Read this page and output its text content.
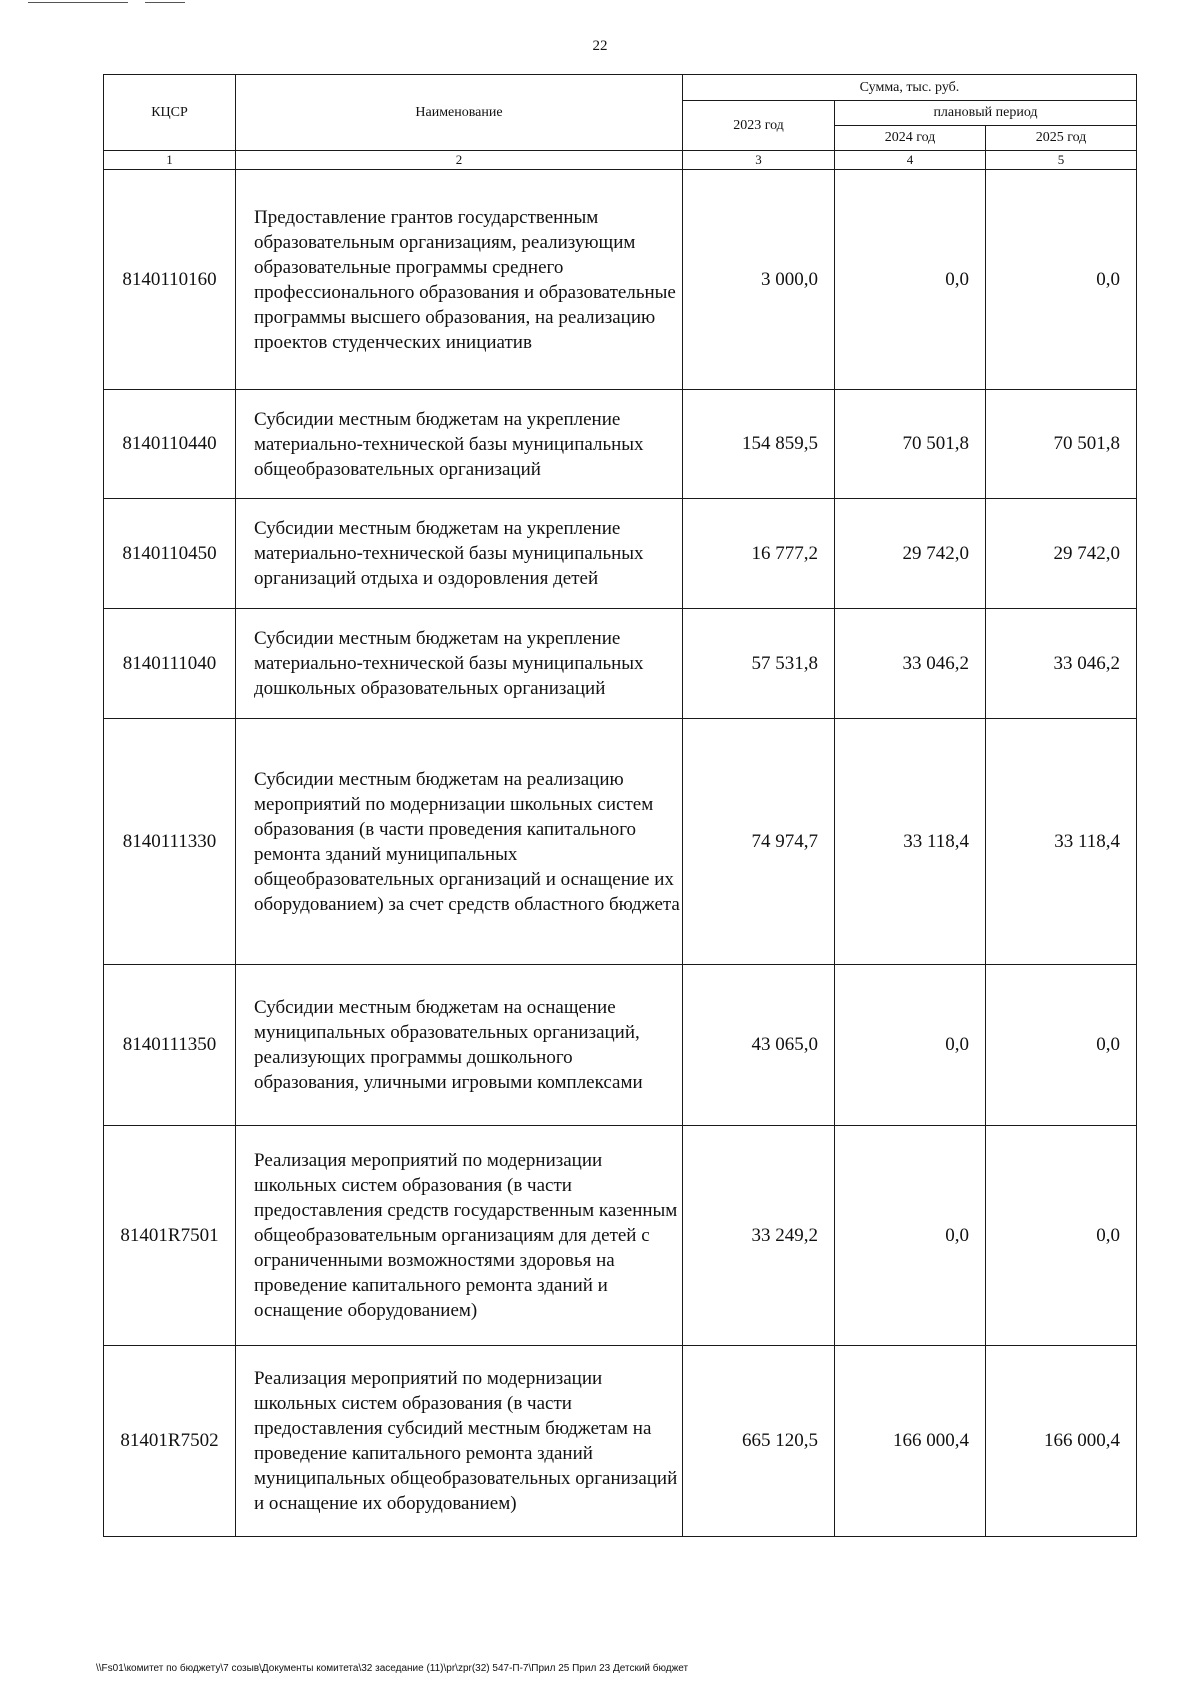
22
КЦСР	Наименование	Сумма, тыс. руб.		
		2023 год	плановый период	
			2024 год	2025 год
1	2	3	4	5
8140110160	Предоставление грантов государственным образовательным организациям, реализующим образовательные программы среднего профессионального образования и образовательные программы высшего образования, на реализацию проектов студенческих инициатив	3 000,0	0,0	0,0
8140110440	Субсидии местным бюджетам на укрепление материально-технической базы муниципальных общеобразовательных организаций	154 859,5	70 501,8	70 501,8
8140110450	Субсидии местным бюджетам на укрепление материально-технической базы муниципальных организаций отдыха и оздоровления детей	16 777,2	29 742,0	29 742,0
8140111040	Субсидии местным бюджетам на укрепление материально-технической базы муниципальных дошкольных образовательных организаций	57 531,8	33 046,2	33 046,2
8140111330	Субсидии местным бюджетам на реализацию мероприятий по модернизации школьных систем образования (в части проведения капитального ремонта зданий муниципальных общеобразовательных организаций и оснащение их оборудованием) за счет средств областного бюджета	74 974,7	33 118,4	33 118,4
8140111350	Субсидии местным бюджетам на оснащение муниципальных образовательных организаций, реализующих программы дошкольного образования, уличными игровыми комплексами	43 065,0	0,0	0,0
81401R7501	Реализация мероприятий по модернизации школьных систем образования (в части предоставления средств государственным казенным общеобразовательным организациям для детей с ограниченными возможностями здоровья на проведение капитального ремонта зданий и оснащение оборудованием)	33 249,2	0,0	0,0
81401R7502	Реализация мероприятий по модернизации школьных систем образования (в части предоставления субсидий местным бюджетам на проведение капитального ремонта зданий муниципальных общеобразовательных организаций и оснащение их оборудованием)	665 120,5	166 000,4	166 000,4
\\Fs01\комитет по бюджету\7 созыв\Документы комитета\32 заседание (11)\pr\zpr(32) 547-П-7\Прил 25 Прил 23 Детский бюджет
